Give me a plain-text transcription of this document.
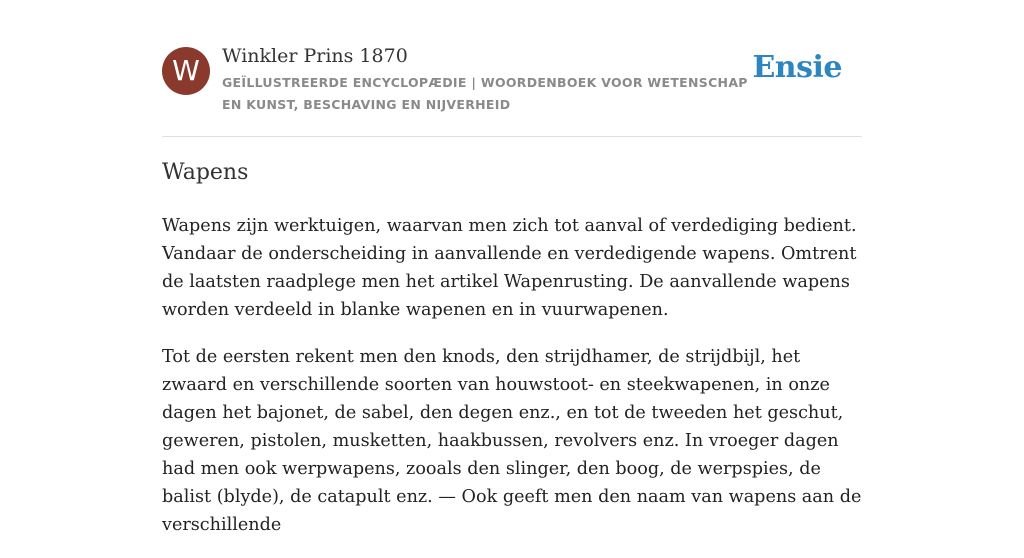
W	Winkler Prins 1870
GEÏLLUSTREERDE ENCYCLOPÆDIE | WOORDENBOEK VOOR WETENSCHAP EN KUNST, BESCHAVING EN NIJVERHEID
Ensie
Wapens

Wapens zijn werktuigen, waarvan men zich tot aanval of verdediging bedient. Vandaar de onderscheiding in aanvallende en verdedigende wapens. Omtrent de laatsten raadplege men het artikel Wapenrusting. De aanvallende wapens worden verdeeld in blanke wapenen en in vuurwapenen.

Tot de eersten rekent men den knods, den strijdhamer, de strijdbijl, het zwaard en verschillende soorten van houwstoot- en steekwapenen, in onze dagen het bajonet, de sabel, den degen enz., en tot de tweeden het geschut, geweren, pistolen, musketten, haakbussen, revolvers enz. In vroeger dagen had men ook werpwapens, zooals den slinger, den boog, de werpspies, de balist (blyde), de catapult enz. — Ook geeft men den naam van wapens aan de verschillende
